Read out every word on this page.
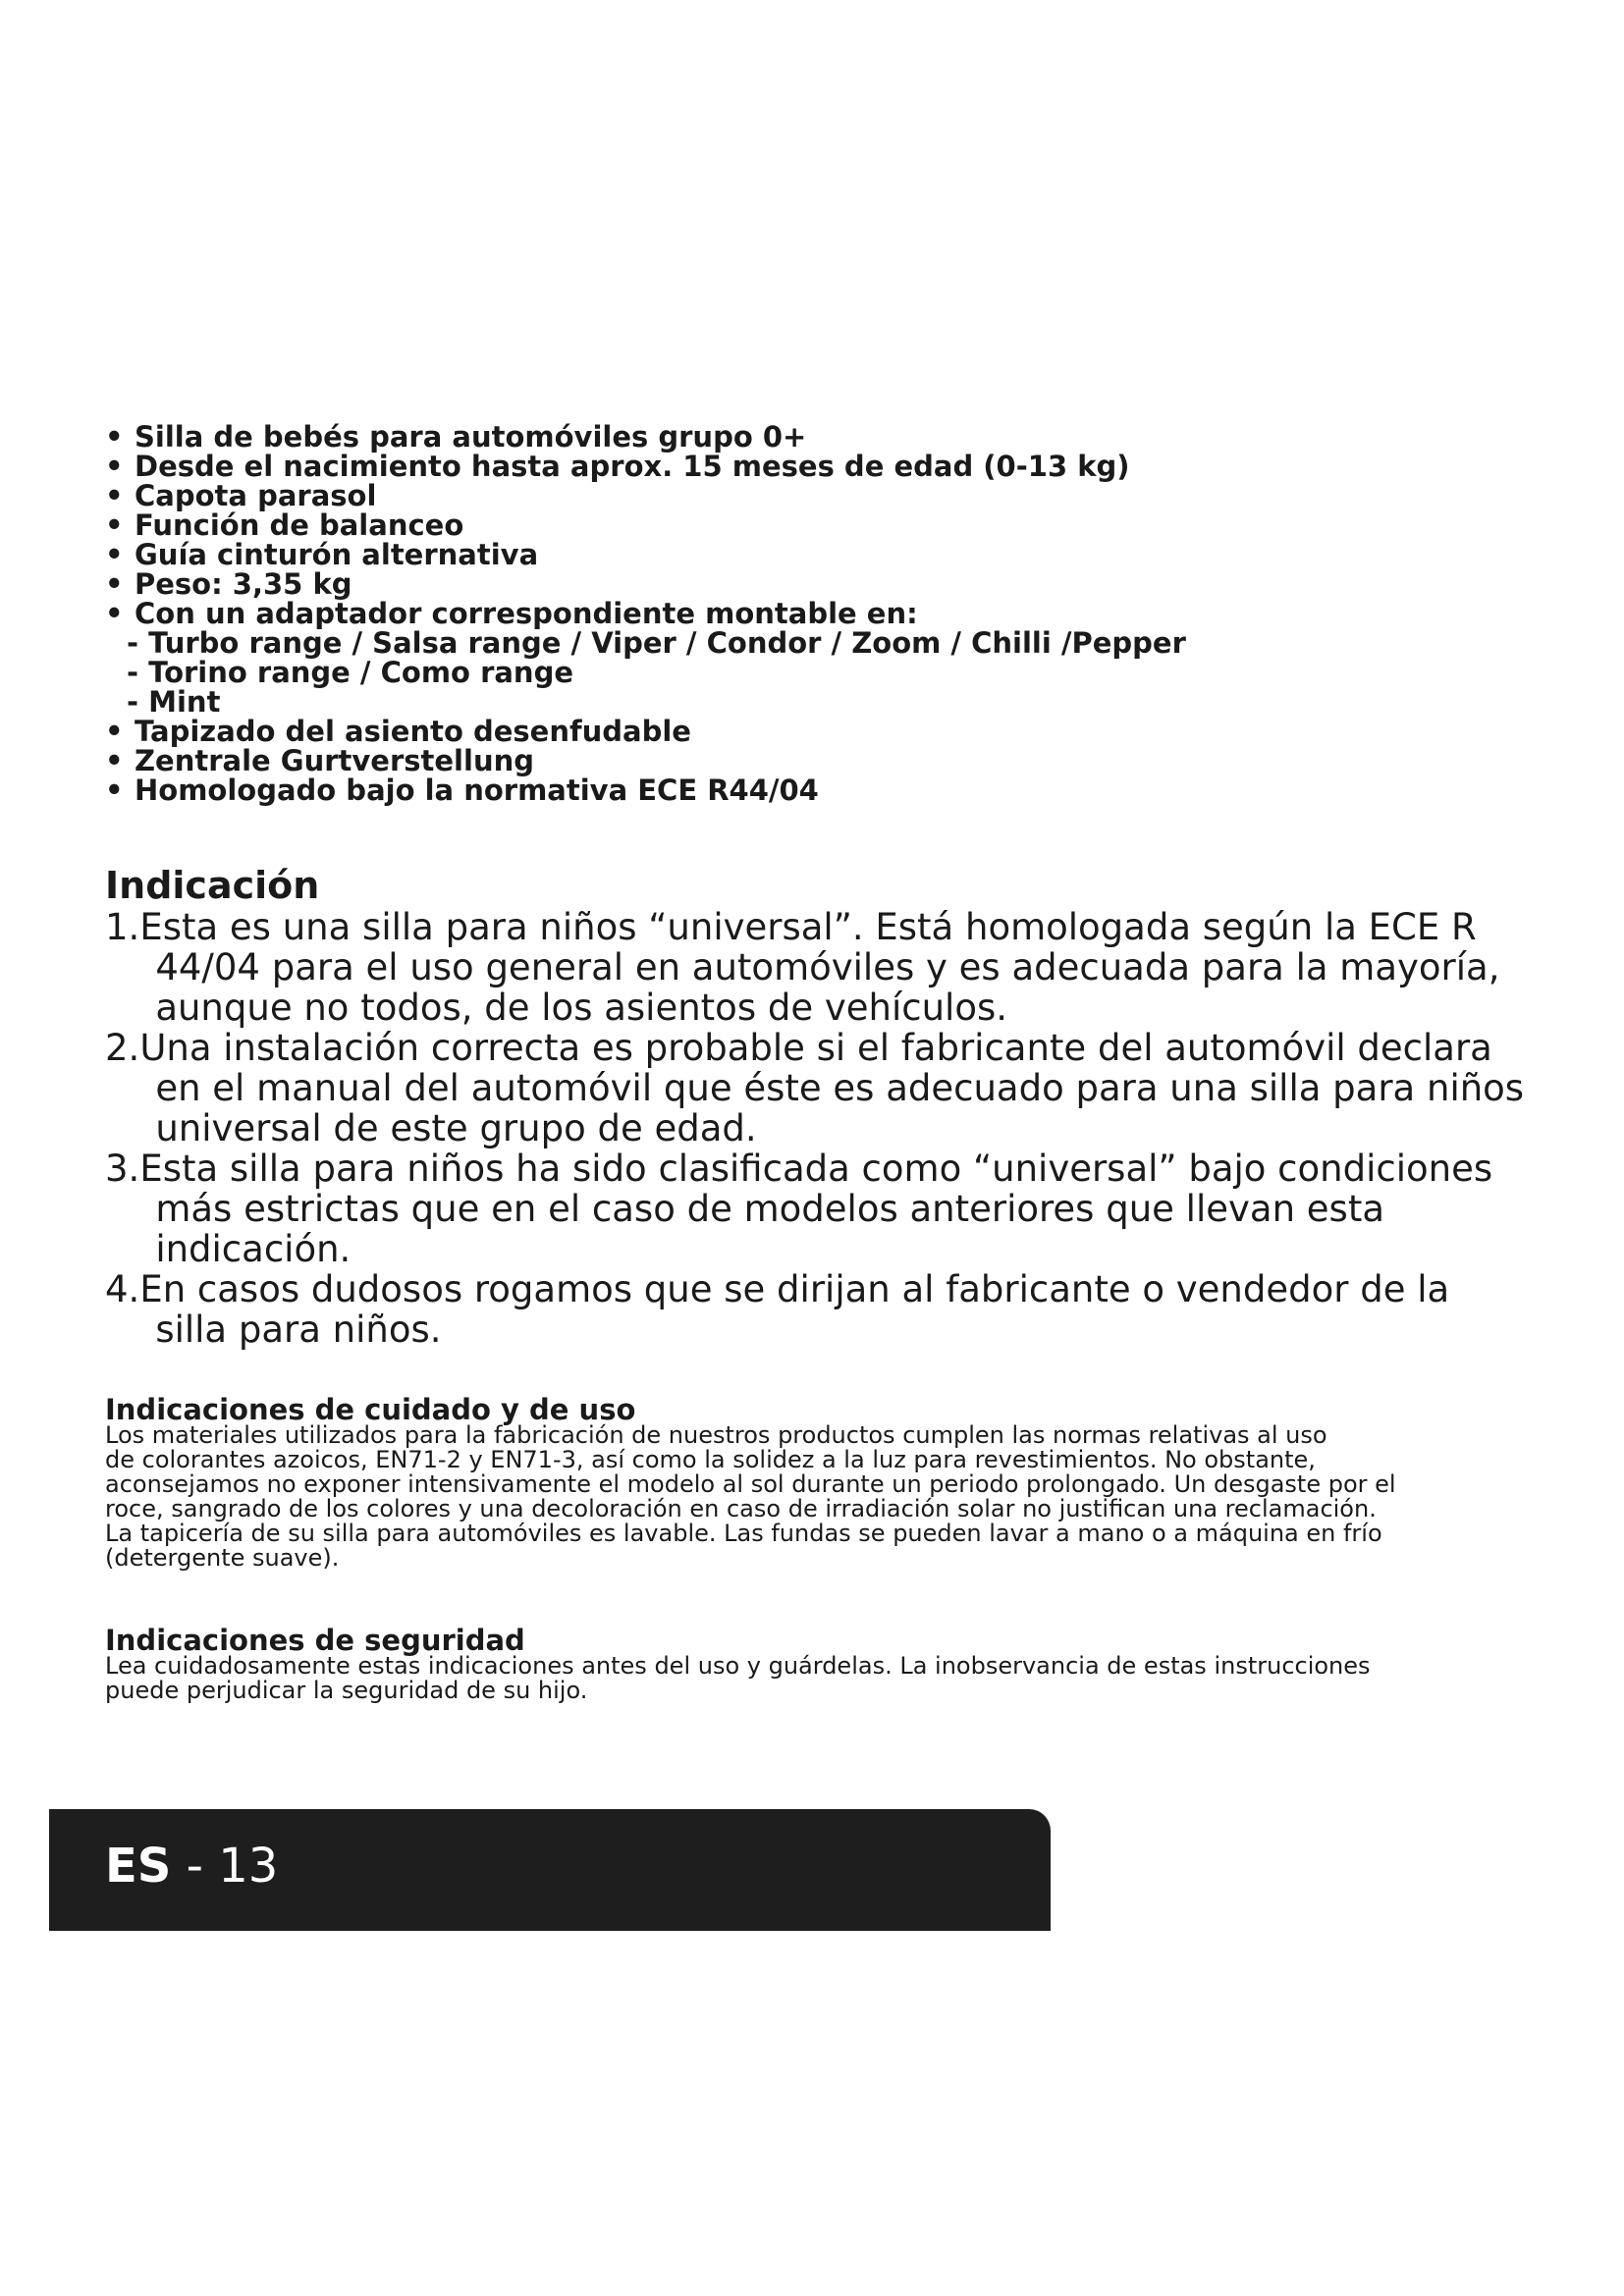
• Silla de bebés para automóviles grupo 0+
• Desde el nacimiento hasta aprox. 15 meses de edad (0-13 kg)
• Capota parasol
• Función de balanceo
• Guía cinturón alternativa
• Peso: 3,35 kg
• Con un adaptador correspondiente montable en:
- Turbo range / Salsa range / Viper / Condor / Zoom / Chilli /Pepper
- Torino range / Como range
- Mint
• Tapizado del asiento desenfudable
• Zentrale Gurtverstellung
• Homologado bajo la normativa ECE R44/04
Indicación
1. Esta es una silla para niños “universal”. Está homologada según la ECE R
44/04 para el uso general en automóviles y es adecuada para la mayoría,
aunque no todos, de los asientos de vehículos.
2. Una instalación correcta es probable si el fabricante del automóvil declara
en el manual del automóvil que éste es adecuado para una silla para niños
universal de este grupo de edad.
3. Esta silla para niños ha sido clasificada como “universal” bajo condiciones
más estrictas que en el caso de modelos anteriores que llevan esta
indicación.
4. En casos dudosos rogamos que se dirijan al fabricante o vendedor de la
silla para niños.
Indicaciones de cuidado y de uso
Los materiales utilizados para la fabricación de nuestros productos cumplen las normas relativas al uso
de colorantes azoicos, EN71-2 y EN71-3, así como la solidez a la luz para revestimientos. No obstante,
aconsejamos no exponer intensivamente el modelo al sol durante un periodo prolongado. Un desgaste por el
roce, sangrado de los colores y una decoloración en caso de irradiación solar no justifican una reclamación.
La tapicería de su silla para automóviles es lavable. Las fundas se pueden lavar a mano o a máquina en frío
(detergente suave).
Indicaciones de seguridad
Lea cuidadosamente estas indicaciones antes del uso y guárdelas. La inobservancia de estas instrucciones
puede perjudicar la seguridad de su hijo.
ES - 13
